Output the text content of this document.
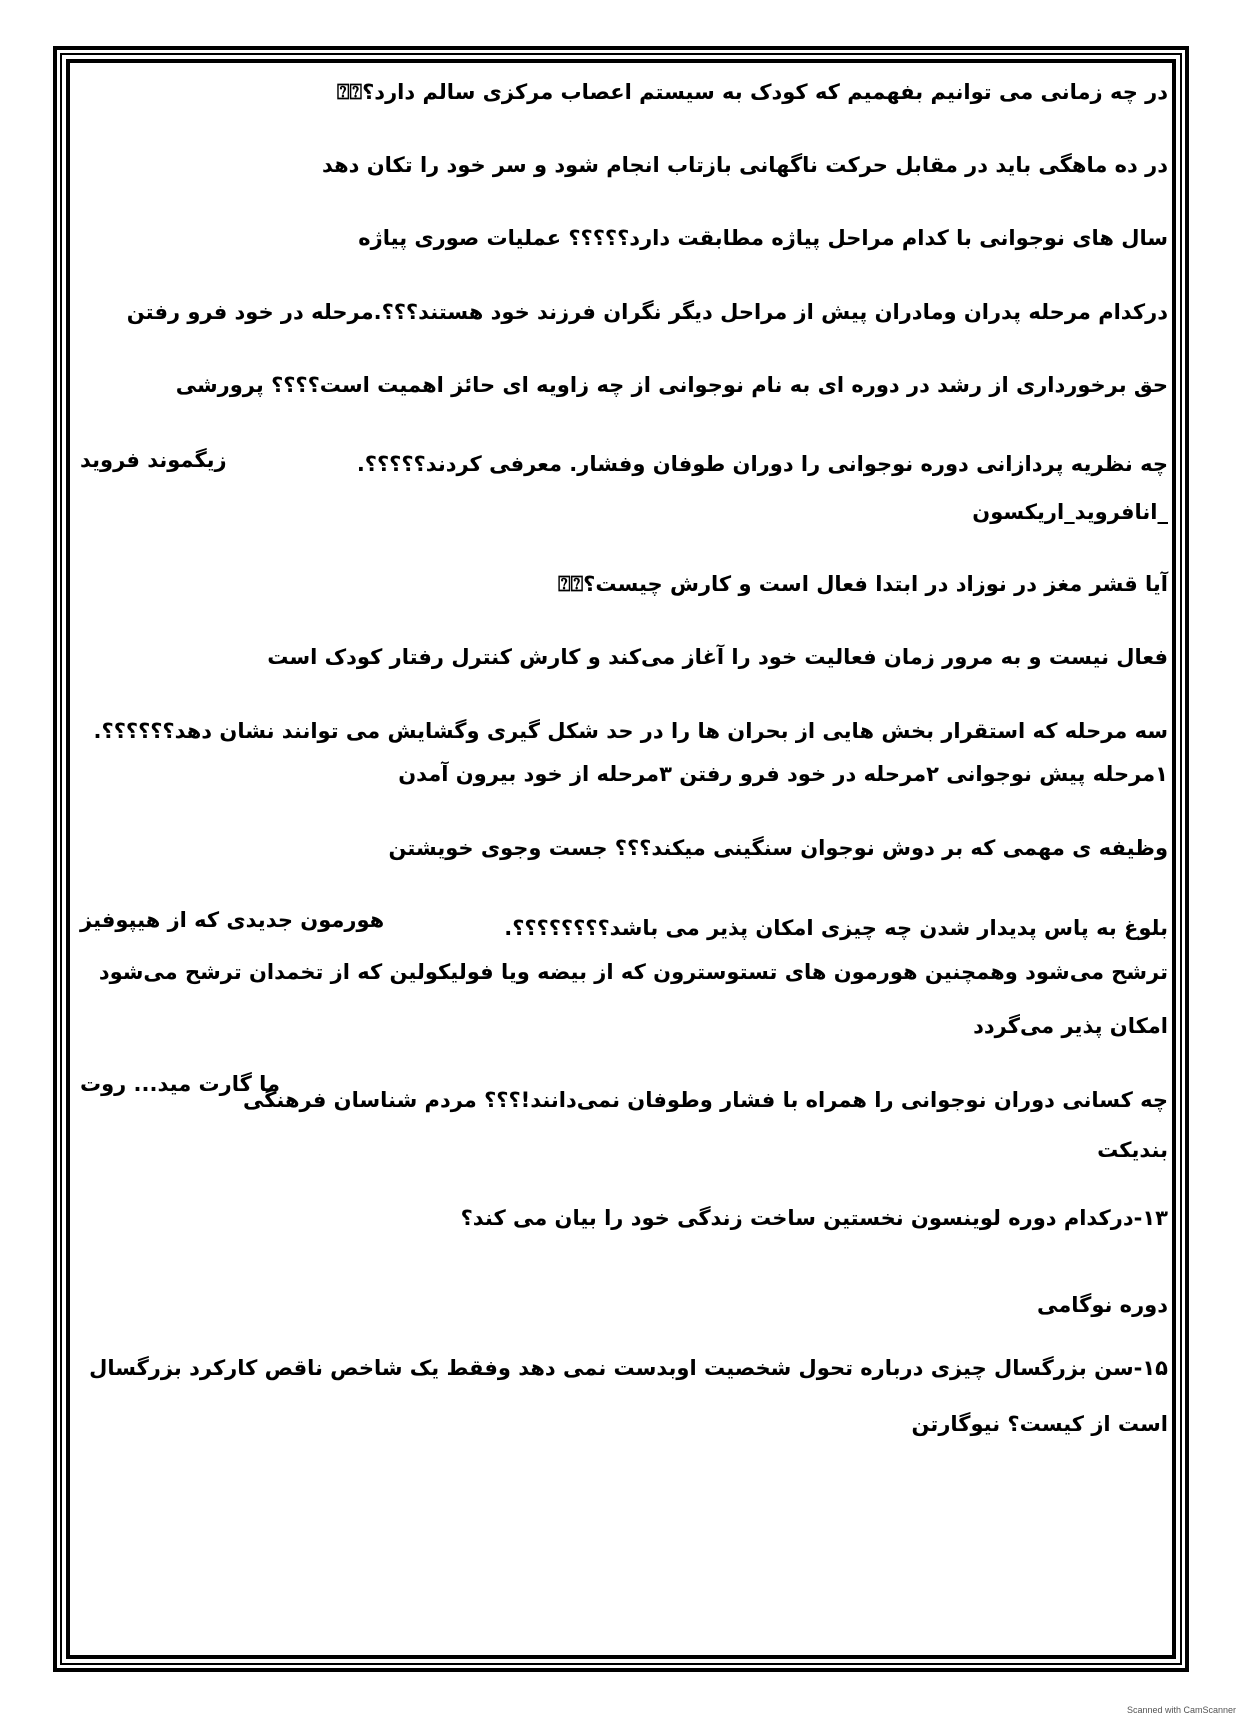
در چه زمانی می توانیم بفهمیم که کودک به سیستم اعصاب مرکزی سالم دارد؟⍰⍰
در ده ماهگی باید در مقابل حرکت ناگهانی بازتاب انجام شود و سر خود را تکان دهد
سال های نوجوانی با کدام مراحل پیاژه مطابقت دارد؟؟؟؟؟ عملیات صوری پیاژه
درکدام مرحله پدران ومادران پیش از مراحل دیگر نگران فرزند خود هستند؟؟؟.مرحله در خود فرو رفتن
حق برخورداری از رشد در دوره ای به نام نوجوانی از چه زاویه ای حائز اهمیت است؟؟؟؟ پرورشی
چه نظریه پردازانی دوره نوجوانی را دوران طوفان وفشار. معرفی کردند؟؟؟؟؟.
زیگموند فروید
_انافروید_اریکسون
آیا قشر مغز در نوزاد در ابتدا فعال است و کارش چیست؟⍰⍰
فعال نیست و به مرور زمان فعالیت خود را آغاز می‌کند و کارش کنترل رفتار کودک است
سه مرحله که استقرار بخش هایی از بحران ها را در حد شکل گیری وگشایش می توانند نشان دهد؟؟؟؟؟؟.
۱مرحله پیش نوجوانی ۲مرحله در خود فرو رفتن ۳مرحله از خود بیرون آمدن
وظیفه ی مهمی که بر دوش نوجوان سنگینی میکند؟؟؟ جست وجوی خویشتن
بلوغ به پاس پدیدار شدن چه چیزی امکان پذیر می باشد؟؟؟؟؟؟؟؟.
هورمون جدیدی که از هیپوفیز
ترشح می‌شود وهمچنین هورمون های تستوسترون که از بیضه ویا فولیکولین که از تخمدان ترشح می‌شود
امکان پذیر می‌گردد
چه کسانی دوران نوجوانی را همراه با فشار وطوفان نمی‌دانند!؟؟؟ مردم شناسان فرهنگی
ما گارت مید... روت
بندیکت
۱۳-درکدام دوره لوینسون نخستین ساخت زندگی خود را بیان می کند؟
دوره نوگامی
۱۵-سن بزرگسال چیزی درباره تحول شخصیت اوبدست نمی دهد وفقط یک شاخص ناقص کارکرد بزرگسال
است از کیست؟ نیوگارتن
Scanned with CamScanner
